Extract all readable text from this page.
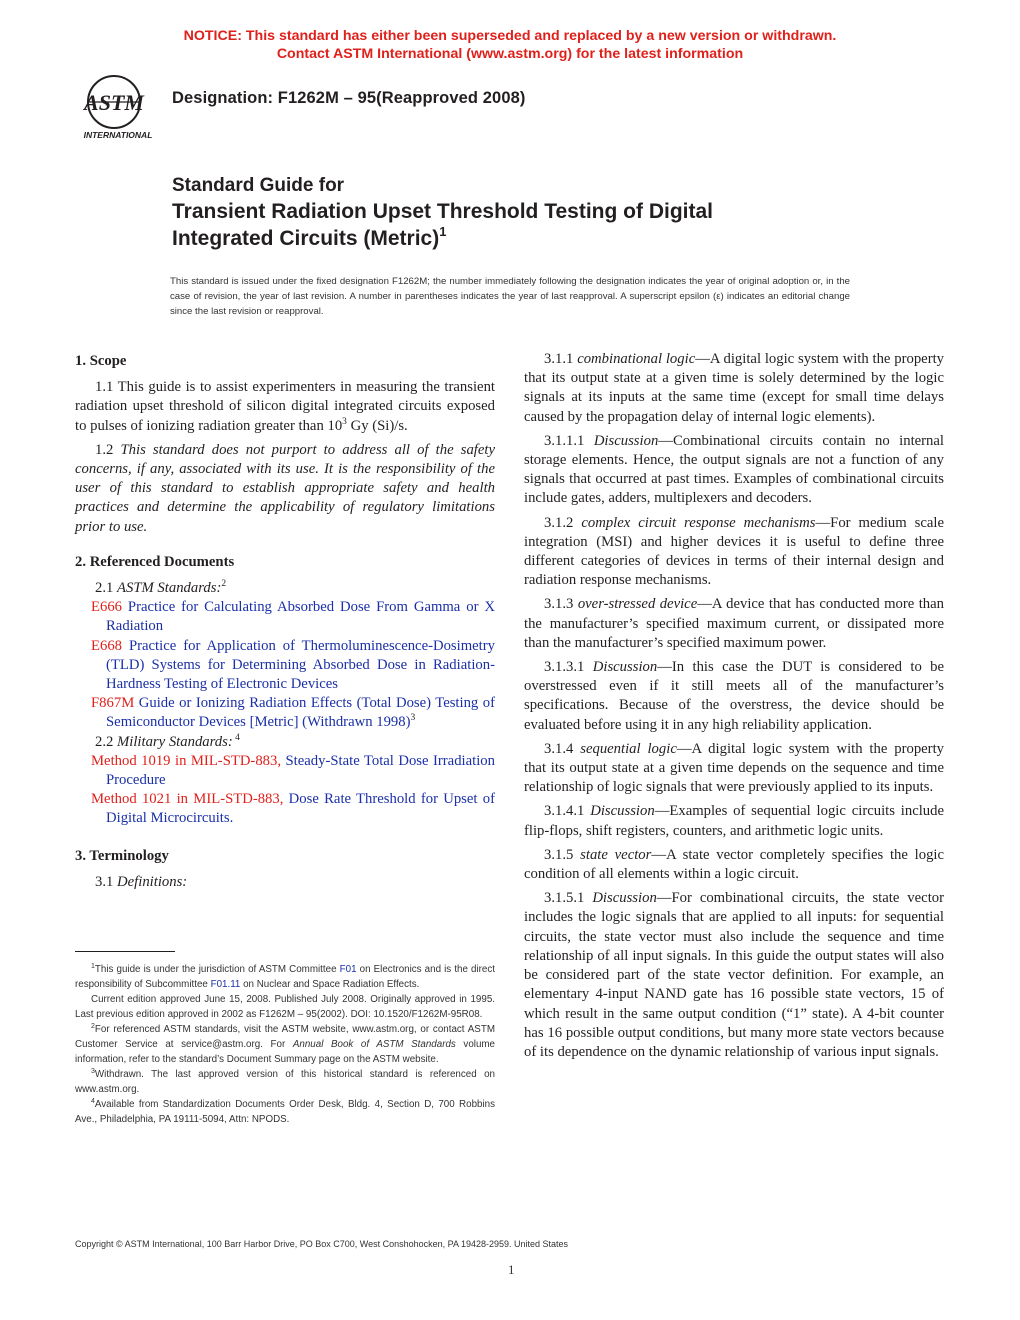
NOTICE: This standard has either been superseded and replaced by a new version or withdrawn.
Contact ASTM International (www.astm.org) for the latest information
ASTM
INTERNATIONAL
Designation: F1262M – 95(Reapproved 2008)
Standard Guide for
Transient Radiation Upset Threshold Testing of Digital
Integrated Circuits (Metric)$^1$
This standard is issued under the fixed designation F1262M; the number immediately following the designation indicates the year of original adoption or, in the case of revision, the year of last revision. A number in parentheses indicates the year of last reapproval. A superscript epsilon (ε) indicates an editorial change since the last revision or reapproval.
1. Scope
1.1 This guide is to assist experimenters in measuring the transient radiation upset threshold of silicon digital integrated circuits exposed to pulses of ionizing radiation greater than $10^3$ Gy (Si)/s.
1.2 This standard does not purport to address all of the safety concerns, if any, associated with its use. It is the responsibility of the user of this standard to establish appropriate safety and health practices and determine the applicability of regulatory limitations prior to use.
2. Referenced Documents
2.1 ASTM Standards:$^2$
E666 Practice for Calculating Absorbed Dose From Gamma or X Radiation
E668 Practice for Application of Thermoluminescence-Dosimetry (TLD) Systems for Determining Absorbed Dose in Radiation-Hardness Testing of Electronic Devices
F867M Guide or Ionizing Radiation Effects (Total Dose) Testing of Semiconductor Devices [Metric] (Withdrawn 1998)$^3$
2.2 Military Standards: $^4$
Method 1019 in MIL-STD-883, Steady-State Total Dose Irradiation Procedure
Method 1021 in MIL-STD-883, Dose Rate Threshold for Upset of Digital Microcircuits.
3. Terminology
3.1 Definitions:
3.1.1 combinational logic—A digital logic system with the property that its output state at a given time is solely determined by the logic signals at its inputs at the same time (except for small time delays caused by the propagation delay of internal logic elements).
3.1.1.1 Discussion—Combinational circuits contain no internal storage elements. Hence, the output signals are not a function of any signals that occurred at past times. Examples of combinational circuits include gates, adders, multiplexers and decoders.
3.1.2 complex circuit response mechanisms—For medium scale integration (MSI) and higher devices it is useful to define three different categories of devices in terms of their internal design and radiation response mechanisms.
3.1.3 over-stressed device—A device that has conducted more than the manufacturer’s specified maximum current, or dissipated more than the manufacturer’s specified maximum power.
3.1.3.1 Discussion—In this case the DUT is considered to be overstressed even if it still meets all of the manufacturer’s specifications. Because of the overstress, the device should be evaluated before using it in any high reliability application.
3.1.4 sequential logic—A digital logic system with the property that its output state at a given time depends on the sequence and time relationship of logic signals that were previously applied to its inputs.
3.1.4.1 Discussion—Examples of sequential logic circuits include flip-flops, shift registers, counters, and arithmetic logic units.
3.1.5 state vector—A state vector completely specifies the logic condition of all elements within a logic circuit.
3.1.5.1 Discussion—For combinational circuits, the state vector includes the logic signals that are applied to all inputs: for sequential circuits, the state vector must also include the sequence and time relationship of all input signals. In this guide the output states will also be considered part of the state vector definition. For example, an elementary 4-input NAND gate has 16 possible state vectors, 15 of which result in the same output condition (“1” state). A 4-bit counter has 16 possible output conditions, but many more state vectors because of its dependence on the dynamic relationship of various input signals.
$^1$This guide is under the jurisdiction of ASTM Committee F01 on Electronics and is the direct responsibility of Subcommittee F01.11 on Nuclear and Space Radiation Effects.
Current edition approved June 15, 2008. Published July 2008. Originally approved in 1995. Last previous edition approved in 2002 as F1262M – 95(2002). DOI: 10.1520/F1262M-95R08.
$^2$For referenced ASTM standards, visit the ASTM website, www.astm.org, or contact ASTM Customer Service at service@astm.org. For Annual Book of ASTM Standards volume information, refer to the standard’s Document Summary page on the ASTM website.
$^3$Withdrawn. The last approved version of this historical standard is referenced on www.astm.org.
$^4$Available from Standardization Documents Order Desk, Bldg. 4, Section D, 700 Robbins Ave., Philadelphia, PA 19111-5094, Attn: NPODS.
Copyright © ASTM International, 100 Barr Harbor Drive, PO Box C700, West Conshohocken, PA 19428-2959. United States
1
